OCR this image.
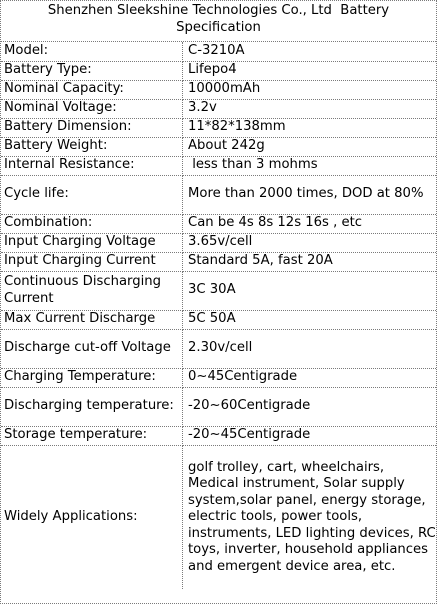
Shenzhen Sleekshine Technologies Co., Ltd  Battery
Specification
Model:	C-3210A
Battery Type:	Lifepo4
Nominal Capacity:	10000mAh
Nominal Voltage:	3.2v
Battery Dimension:	11*82*138mm
Battery Weight:	About 242g
Internal Resistance:	less than 3 mohms
Cycle life:	More than 2000 times, DOD at 80%
Combination:	Can be 4s 8s 12s 16s , etc
Input Charging Voltage	3.65v/cell
Input Charging Current	Standard 5A, fast 20A
Continuous Discharging Current	3C 30A
Max Current Discharge	5C 50A
Discharge cut-off Voltage	2.30v/cell
Charging Temperature:	0~45Centigrade
Discharging temperature:	-20~60Centigrade
Storage temperature:	-20~45Centigrade
Widely Applications:	golf trolley, cart, wheelchairs, Medical instrument, Solar supply system,solar panel, energy storage, electric tools, power tools, instruments, LED lighting devices, RC toys, inverter, household appliances and emergent device area, etc.
